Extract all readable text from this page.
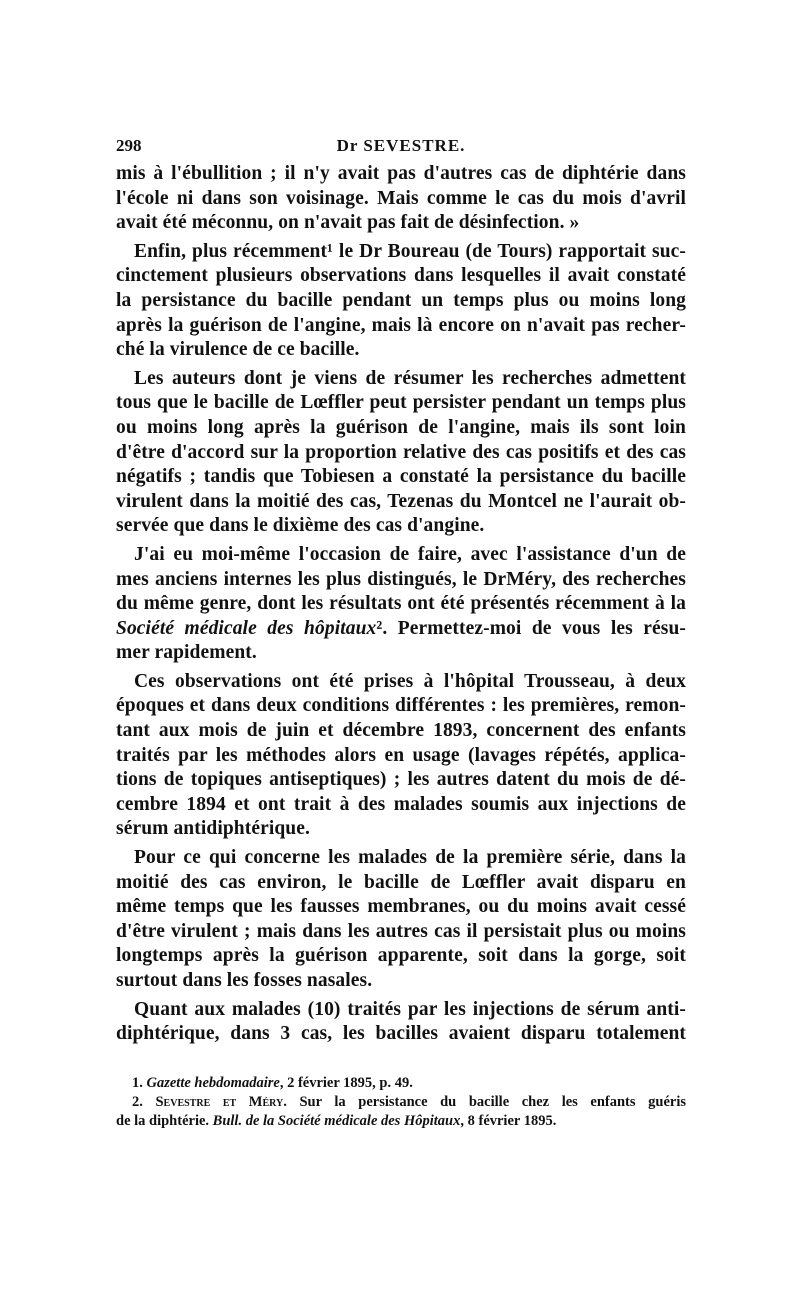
298	Dr SEVESTRE.
mis à l'ébullition ; il n'y avait pas d'autres cas de diphtérie dans
l'école ni dans son voisinage. Mais comme le cas du mois d'avril
avait été méconnu, on n'avait pas fait de désinfection. »
Enfin, plus récemment¹ le Dr Boureau (de Tours) rapportait suc-
cinctement plusieurs observations dans lesquelles il avait constaté
la persistance du bacille pendant un temps plus ou moins long
après la guérison de l'angine, mais là encore on n'avait pas recher-
ché la virulence de ce bacille.
Les auteurs dont je viens de résumer les recherches admettent
tous que le bacille de Lœffler peut persister pendant un temps plus
ou moins long après la guérison de l'angine, mais ils sont loin
d'être d'accord sur la proportion relative des cas positifs et des cas
négatifs ; tandis que Tobiesen a constaté la persistance du bacille
virulent dans la moitié des cas, Tezenas du Montcel ne l'aurait ob-
servée que dans le dixième des cas d'angine.
J'ai eu moi-même l'occasion de faire, avec l'assistance d'un de
mes anciens internes les plus distingués, le DrMéry, des recherches
du même genre, dont les résultats ont été présentés récemment à la
Société médicale des hôpitaux². Permettez-moi de vous les résu-
mer rapidement.
Ces observations ont été prises à l'hôpital Trousseau, à deux
époques et dans deux conditions différentes : les premières, remon-
tant aux mois de juin et décembre 1893, concernent des enfants
traités par les méthodes alors en usage (lavages répétés, applica-
tions de topiques antiseptiques) ; les autres datent du mois de dé-
cembre 1894 et ont trait à des malades soumis aux injections de
sérum antidiphtérique.
Pour ce qui concerne les malades de la première série, dans la
moitié des cas environ, le bacille de Lœffler avait disparu en
même temps que les fausses membranes, ou du moins avait cessé
d'être virulent ; mais dans les autres cas il persistait plus ou moins
longtemps après la guérison apparente, soit dans la gorge, soit
surtout dans les fosses nasales.
Quant aux malades (10) traités par les injections de sérum anti-
diphtérique, dans 3 cas, les bacilles avaient disparu totalement
1. Gazette hebdomadaire, 2 février 1895, p. 49.
2. Sevestre et Méry. Sur la persistance du bacille chez les enfants guéris
de la diphtérie. Bull. de la Société médicale des Hôpitaux, 8 février 1895.
